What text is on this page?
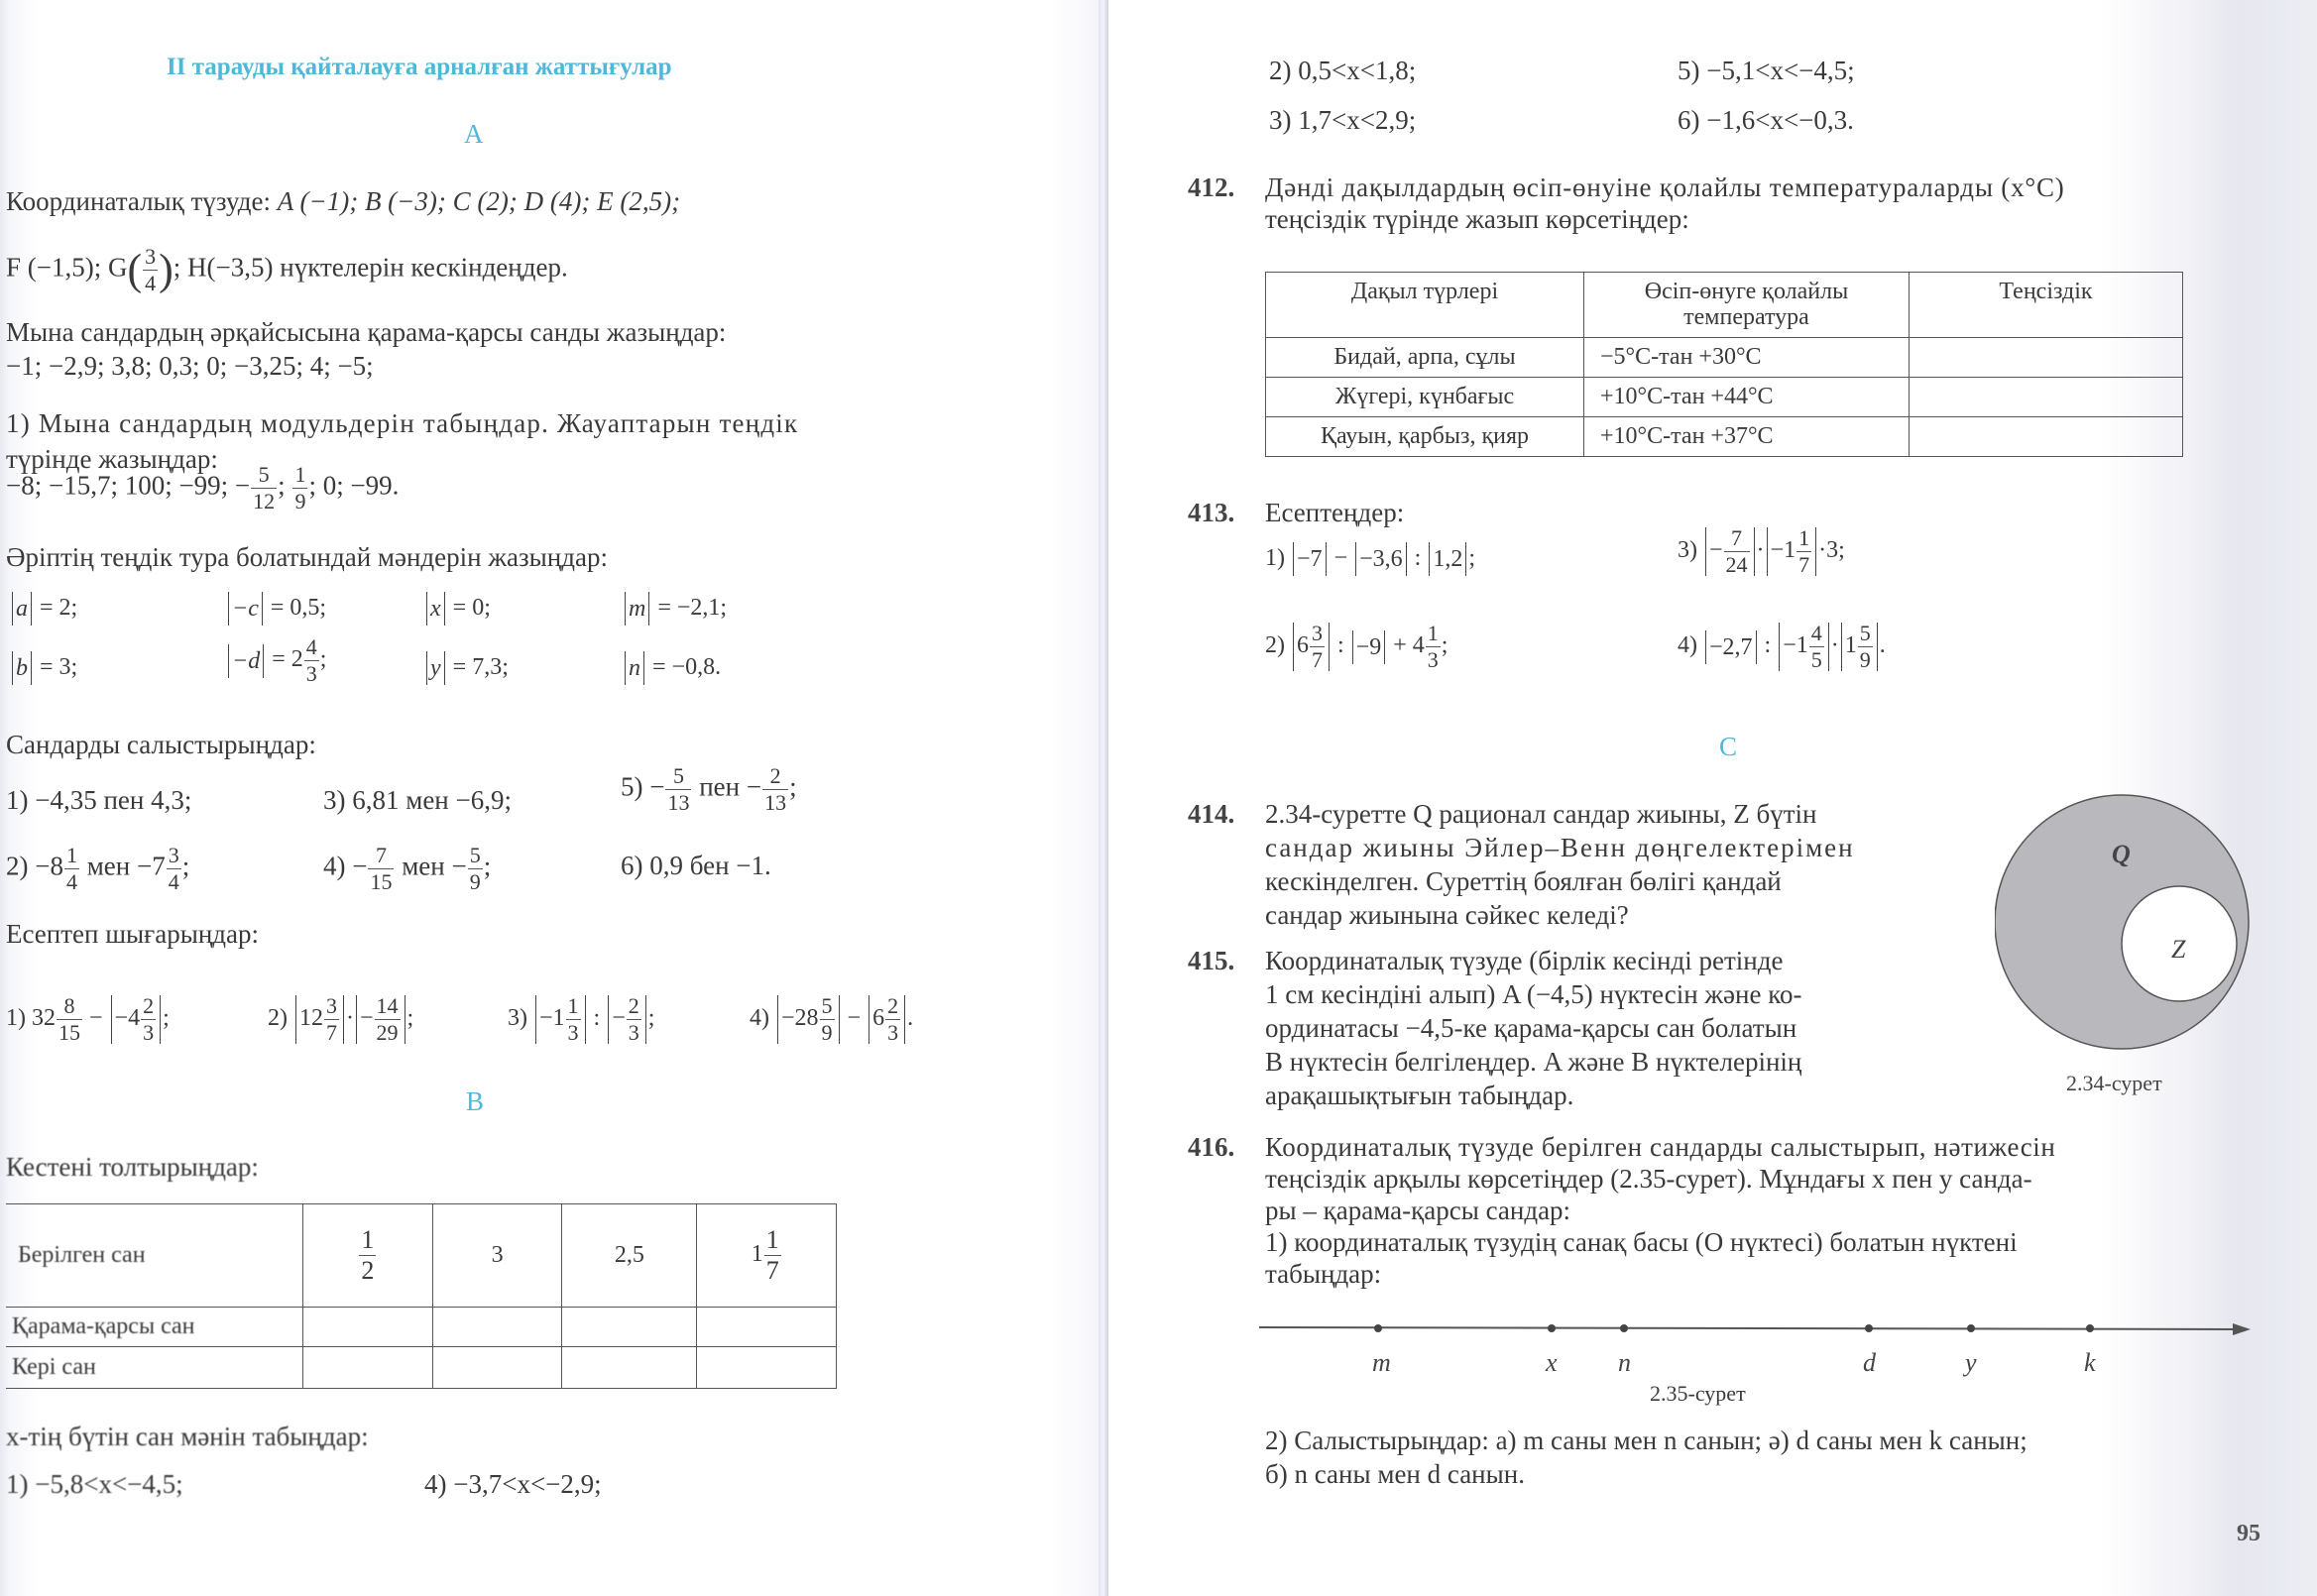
II тарауды қайталауға арналған жаттығулар
A
Координаталық түзуде: A (−1); B (−3); C (2); D (4); E (2,5);
F (−1,5); $G( \frac{3}{4}$ ); H(−3,5) нүктелерін кескіндеңдер.
Мына сандардың әрқайсысына қарама-қарсы санды жазыңдар:
−1; −2,9; 3,8; 0,3; 0; −3,25; 4; −5;
1) Мына сандардың модульдерін табыңдар. Жауаптарын теңдік
түрінде жазыңдар:
−8; −15,7; 100; −99; − $\frac{5}{12}$ ; $\frac{1}{9}$ ; 0; −99.
Әріптің теңдік тура болатындай мәндерін жазыңдар:
a = 2;	−c = 0,5;	x = 0;	m = −2,1;
b = 3;	$-d = 2 \frac{4}{3}$ ;	y = 7,3;	n = −0,8.
Сандарды салыстырыңдар:
1) −4,35 пен 4,3;	3) 6,81 мен −6,9;	$5) - \frac{5}{13}$ пен − $\frac{2}{13}$ ;
$2) -8 \frac{1}{4}$ мен $-7 \frac{3}{4}$ ;	$4) - \frac{7}{15}$ мен − $\frac{5}{9}$ ;	6) 0,9 бен −1.
Есептеп шығарыңдар:
1) $32 \frac{8}{15} - -4 \frac{2}{3}$ ;	2) $12 \frac{3}{7}$ · − $\frac{14}{29}$ ;	$3) -1 \frac{1}{3}$ : − $\frac{2}{3}$ ;	$4) -28 \frac{5}{9} - 6 \frac{2}{3}$ .
B
Кестені толтырыңдар:
Берілген сан	$\frac{1}{2}$	3	2,5	$1 \frac{1}{7}$

Қарама-қарсы сан				
Кері сан				
x-тің бүтін сан мәнін табыңдар:
1) −5,8<x<−4,5;	4) −3,7<x<−2,9;
2) 0,5<x<1,8;	5) −5,1<x<−4,5;
3) 1,7<x<2,9;	6) −1,6<x<−0,3.
412. Дәнді дақылдардың өсіп-өнуіне қолайлы температураларды (x°C)
теңсіздік түрінде жазып көрсетіңдер:
Дақыл түрлері	Өсіп-өнуге қолайлы температура	Теңсіздік
Бидай, арпа, сұлы	−5°C-тан +30°C	
Жүгері, күнбағыс	+10°C-тан +44°C	
Қауын, қарбыз, қияр	+10°C-тан +37°C	
413. Есептеңдер:
1) −7 − −3,6 : 1,2 ;	$3) - \frac{7}{24} \cdot -1 \frac{1}{7} \cdot 3$;
2) $6 \frac{3}{7}$ : $-9 + 4 \frac{1}{3}$ ;	4) −2,7 : $-1 \frac{4}{5} \cdot 1 \frac{5}{9}$ .
C
414. 2.34-суретте Q рационал сандар жиыны, Z бүтін
сандар жиыны Эйлер–Венн дөңгелектерімен
кескінделген. Суреттің боялған бөлігі қандай
сандар жиынына сәйкес келеді?
415. Координаталық түзуде (бірлік кесінді ретінде
1 см кесіндіні алып) A (−4,5) нүктесін және ко-
ординатасы −4,5-ке қарама-қарсы сан болатын
B нүктесін белгілеңдер. A және B нүктелерінің
арақашықтығын табыңдар.
Q
Z
2.34-сурет
416. Координаталық түзуде берілген сандарды салыстырып, нәтижесін
теңсіздік арқылы көрсетіңдер (2.35-сурет). Мұндағы x пен y санда-
ры – қарама-қарсы сандар:
1) координаталық түзудің санақ басы (O нүктесі) болатын нүктені
табыңдар:
m	x n	d	y	k
2.35-сурет
2) Салыстырыңдар: а) m саны мен n санын; ә) d саны мен k санын;
б) n саны мен d санын.
95
